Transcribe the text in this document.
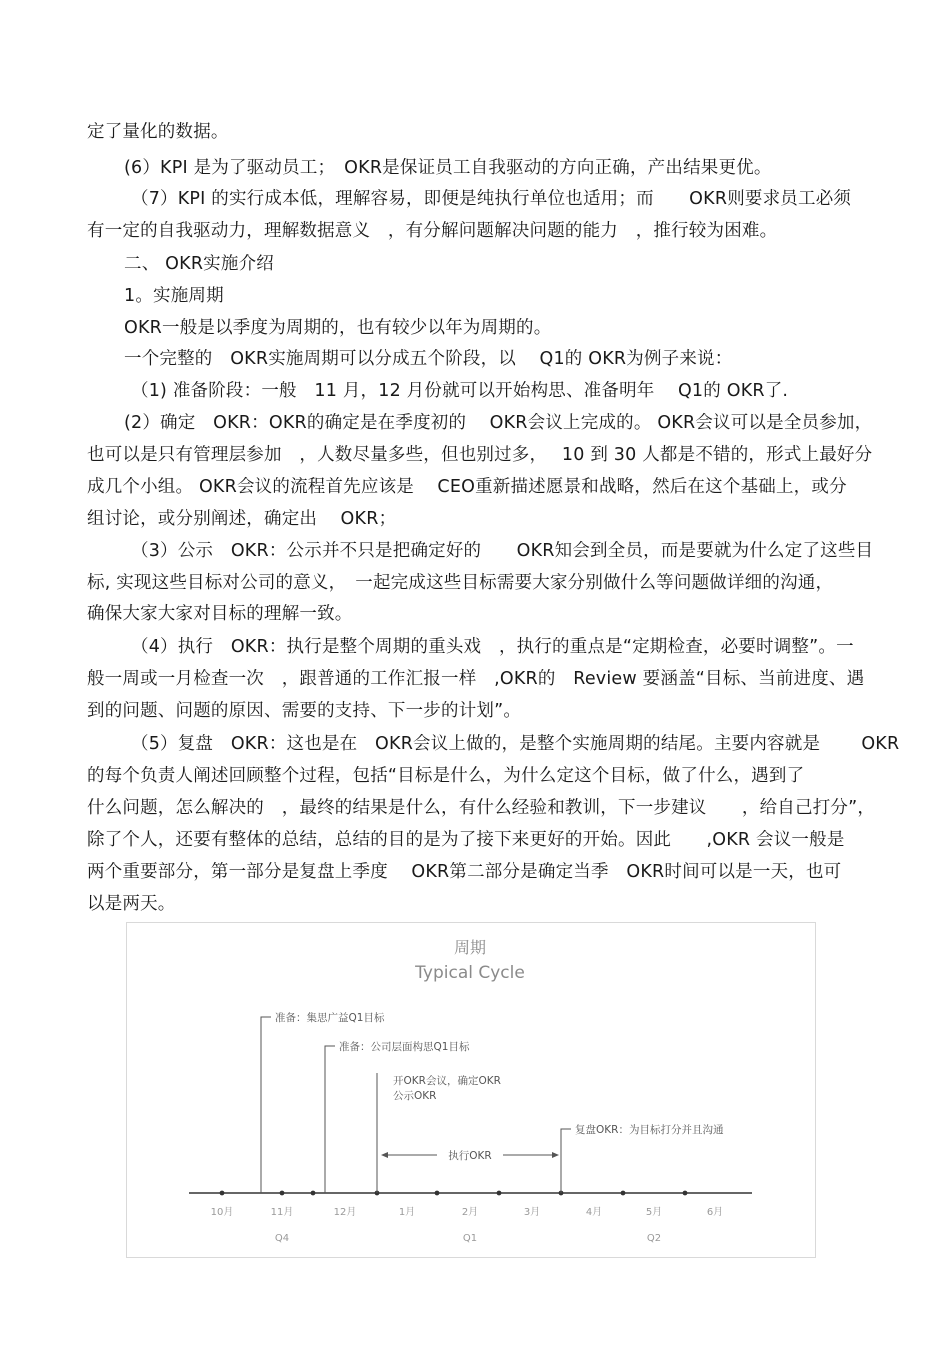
定了量化的数据。
(6）KPI 是为了驱动员工；　OKR是保证员工自我驱动的方向正确，产出结果更优。
（7）KPI 的实行成本低，理解容易，即便是纯执行单位也适用；而　　OKR则要求员工必须
有一定的自我驱动力，理解数据意义　，有分解问题解决问题的能力　，推行较为困难。
二、 OKR实施介绍
1。实施周期
OKR一般是以季度为周期的，也有较少以年为周期的。
一个完整的　OKR实施周期可以分成五个阶段，以　 Q1的 OKR为例子来说：
（1) 准备阶段：一般　11 月，12 月份就可以开始构思、准备明年　 Q1的 OKR了.
(2）确定　OKR：OKR的确定是在季度初的　 OKR会议上完成的。 OKR会议可以是全员参加，
也可以是只有管理层参加　，人数尽量多些，但也别过多，　 10 到 30 人都是不错的，形式上最好分
成几个小组。 OKR会议的流程首先应该是　 CEO重新描述愿景和战略，然后在这个基础上，或分
组讨论，或分别阐述，确定出　 OKR；
（3）公示　OKR：公示并不只是把确定好的　　OKR知会到全员，而是要就为什么定了这些目
标, 实现这些目标对公司的意义，　一起完成这些目标需要大家分别做什么等问题做详细的沟通，
确保大家大家对目标的理解一致。
（4）执行　OKR：执行是整个周期的重头戏　，执行的重点是“定期检查，必要时调整”。一
般一周或一月检查一次　，跟普通的工作汇报一样　,OKR的　Review 要涵盖“目标、当前进度、遇
到的问题、问题的原因、需要的支持、下一步的计划”。
（5）复盘　OKR：这也是在　OKR会议上做的，是整个实施周期的结尾。主要内容就是　　 OKR
的每个负责人阐述回顾整个过程，包括“目标是什么，为什么定这个目标，做了什么，遇到了
什么问题，怎么解决的　，最终的结果是什么，有什么经验和教训，下一步建议　　，给自己打分”，
除了个人，还要有整体的总结，总结的目的是为了接下来更好的开始。因此　　,OKR 会议一般是
两个重要部分，第一部分是复盘上季度　 OKR第二部分是确定当季　OKR时间可以是一天，也可
以是两天。
周期
Typical Cycle
准备：集思广益Q1目标
准备：公司层面构思Q1目标
开OKR会议，确定OKR
公示OKR
复盘OKR：为目标打分并且沟通
执行OKR
10月	11月	12月	1月	2月	3月	4月	5月	6月
Q4	Q1	Q2
